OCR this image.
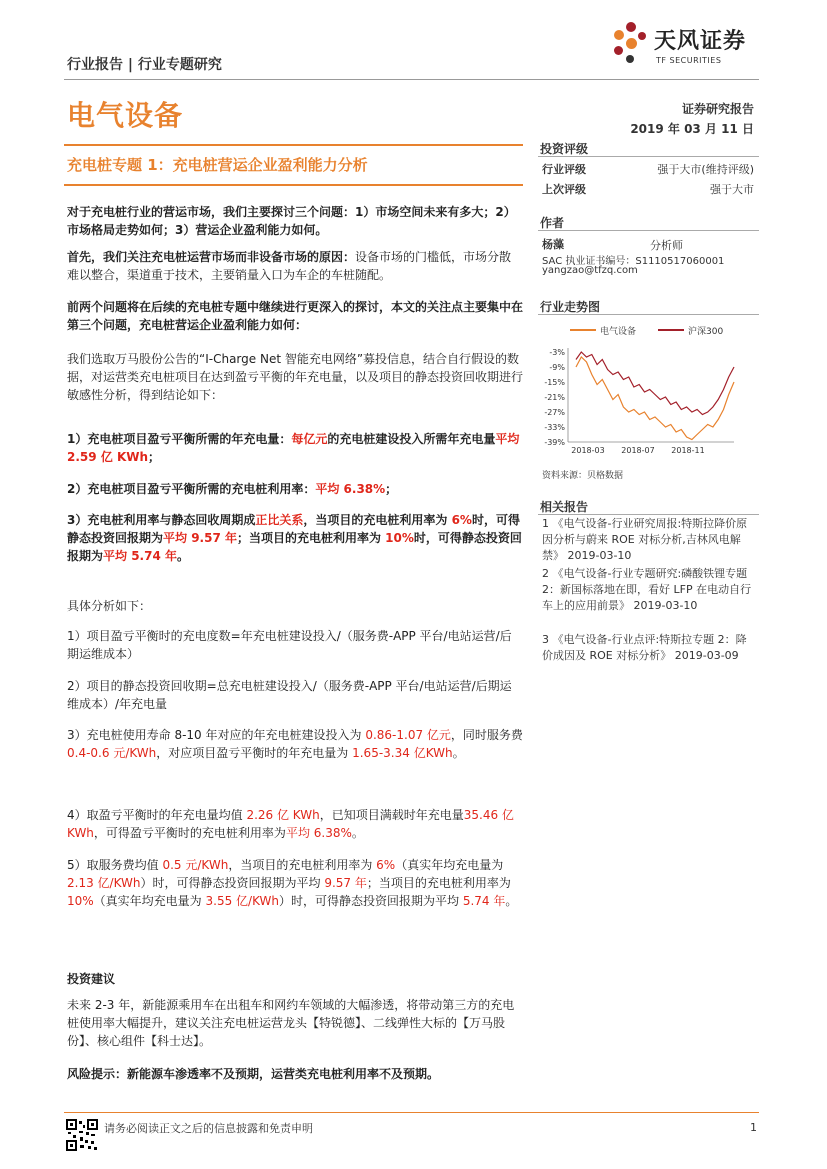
天风证券
TF SECURITIES
行业报告 | 行业专题研究
电气设备	证券研究报告
2019 年 03 月 11 日
充电桩专题 1：充电桩营运企业盈利能力分析
对于充电桩行业的营运市场，我们主要探讨三个问题：1）市场空间未来有多大；2）市场格局走势如何；3）营运企业盈利能力如何。
首先，我们关注充电桩运营市场而非设备市场的原因：设备市场的门槛低，市场分散难以整合，渠道重于技术，主要销量入口为车企的车桩随配。
前两个问题将在后续的充电桩专题中继续进行更深入的探讨，本文的关注点主要集中在第三个问题，充电桩营运企业盈利能力如何：
我们选取万马股份公告的“I-Charge Net 智能充电网络”募投信息，结合自行假设的数据，对运营类充电桩项目在达到盈亏平衡的年充电量，以及项目的静态投资回收期进行敏感性分析，得到结论如下：
1）充电桩项目盈亏平衡所需的年充电量：每亿元的充电桩建设投入所需年充电量平均 2.59 亿 KWh；
2）充电桩项目盈亏平衡所需的充电桩利用率：平均 6.38%；
3）充电桩利用率与静态回收周期成正比关系，当项目的充电桩利用率为 6%时，可得静态投资回报期为平均 9.57 年；当项目的充电桩利用率为 10%时，可得静态投资回报期为平均 5.74 年。
具体分析如下：
1）项目盈亏平衡时的充电度数=年充电桩建设投入/（服务费-APP 平台/电站运营/后期运维成本）
2）项目的静态投资回收期=总充电桩建设投入/（服务费-APP 平台/电站运营/后期运维成本）/年充电量
3）充电桩使用寿命 8-10 年对应的年充电桩建设投入为 0.86-1.07 亿元，同时服务费 0.4-0.6 元/KWh，对应项目盈亏平衡时的年充电量为 1.65-3.34 亿KWh。
4）取盈亏平衡时的年充电量均值 2.26 亿 KWh，已知项目满载时年充电量35.46 亿 KWh，可得盈亏平衡时的充电桩利用率为平均 6.38%。
5）取服务费均值 0.5 元/KWh，当项目的充电桩利用率为 6%（真实年均充电量为 2.13 亿/KWh）时，可得静态投资回报期为平均 9.57 年；当项目的充电桩利用率为 10%（真实年均充电量为 3.55 亿/KWh）时，可得静态投资回报期为平均 5.74 年。
投资建议
未来 2-3 年，新能源乘用车在出租车和网约车领域的大幅渗透，将带动第三方的充电桩使用率大幅提升，建议关注充电桩运营龙头【特锐德】、二线弹性大标的【万马股份】、核心组件【科士达】。
风险提示：新能源车渗透率不及预期，运营类充电桩利用率不及预期。
投资评级
行业评级	强于大市(维持评级)
上次评级	强于大市
作者
杨藻	分析师
SAC 执业证书编号：S1110517060001
yangzao@tfzq.com
行业走势图
电气设备	沪深300
-3%
-9%
-15%
-21%
-27%
-33%
-39%
2018-03 2018-07 2018-11
资料来源：贝格数据
相关报告
1 《电气设备-行业研究周报:特斯拉降价原因分析与蔚来 ROE 对标分析,吉林风电解禁》 2019-03-10
2 《电气设备-行业专题研究:磷酸铁锂专题 2：新国标落地在即，看好 LFP 在电动自行车上的应用前景》 2019-03-10
3 《电气设备-行业点评:特斯拉专题 2：降价成因及 ROE 对标分析》 2019-03-09
请务必阅读正文之后的信息披露和免责申明	1
